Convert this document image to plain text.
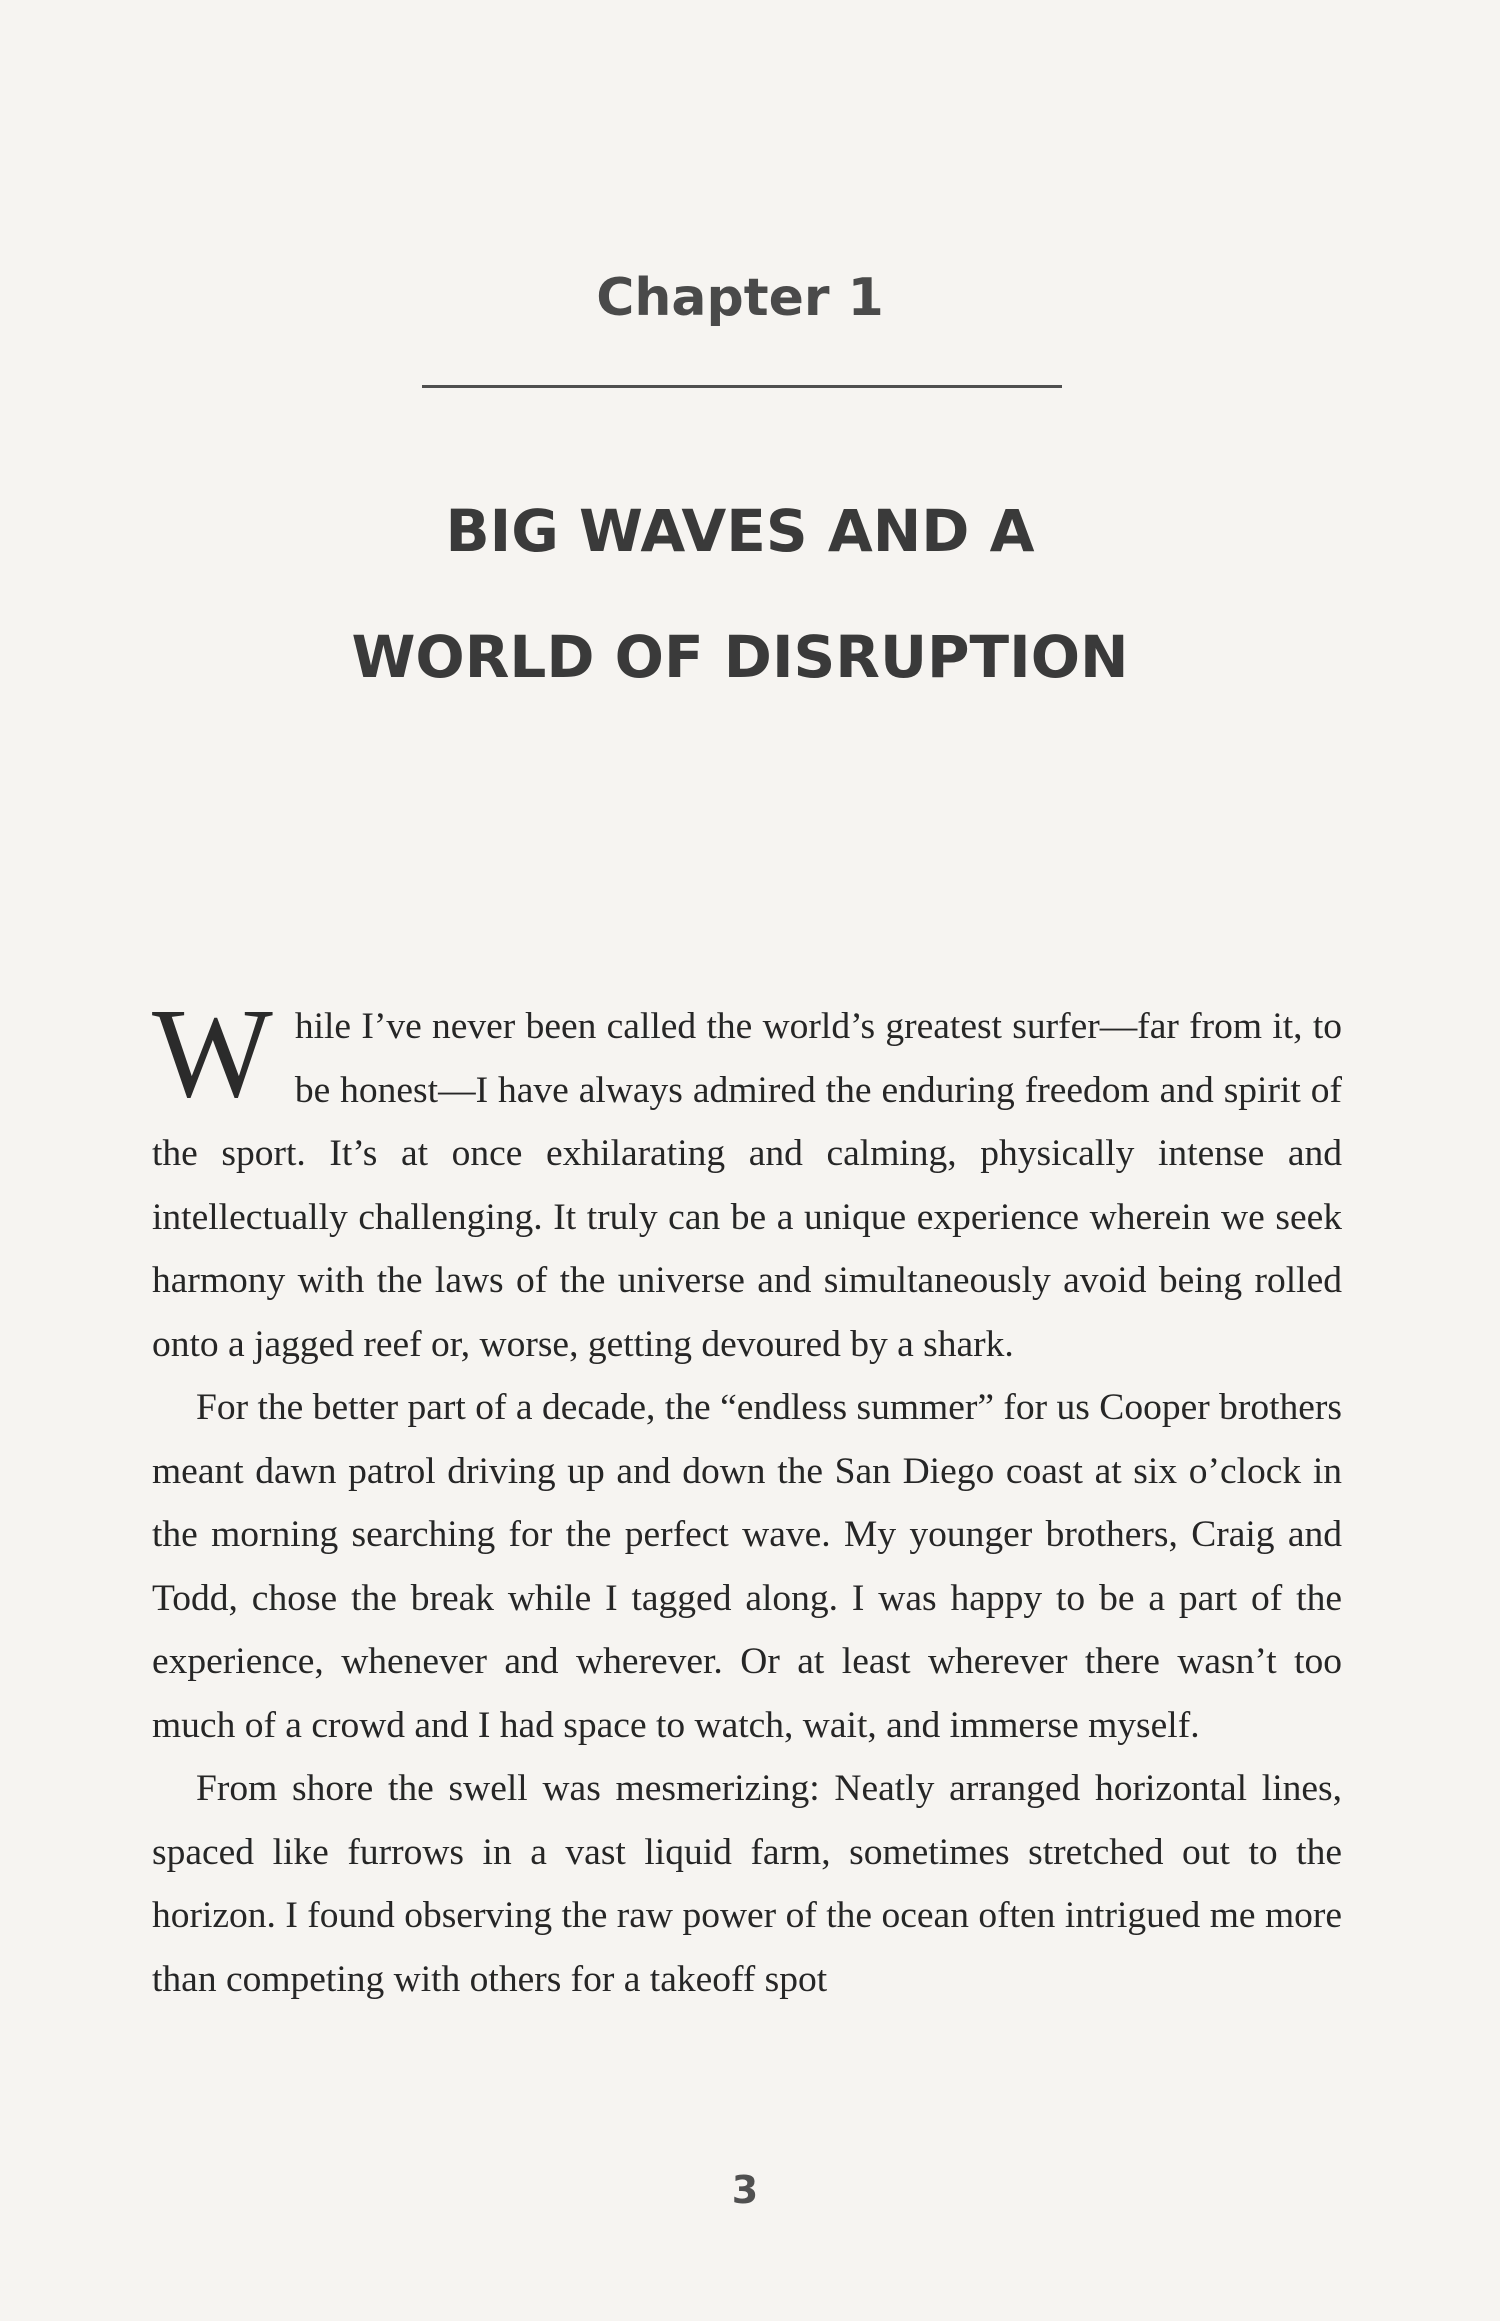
Chapter 1
BIG WAVES AND A
WORLD OF DISRUPTION

While I’ve never been called the world’s greatest surfer—far from it, to be honest—I have always admired the enduring freedom and spirit of the sport. It’s at once exhilarating and calming, physically intense and intellectually challenging. It truly can be a unique experience wherein we seek harmony with the laws of the universe and simultaneously avoid being rolled onto a jagged reef or, worse, getting devoured by a shark.

For the better part of a decade, the “endless summer” for us Cooper brothers meant dawn patrol driving up and down the San Diego coast at six o’clock in the morning searching for the perfect wave. My younger brothers, Craig and Todd, chose the break while I tagged along. I was happy to be a part of the experience, whenever and wherever. Or at least wherever there wasn’t too much of a crowd and I had space to watch, wait, and immerse myself.

From shore the swell was mesmerizing: Neatly arranged horizontal lines, spaced like furrows in a vast liquid farm, sometimes stretched out to the horizon. I found observing the raw power of the ocean often intrigued me more than competing with others for a takeoff spot

3
